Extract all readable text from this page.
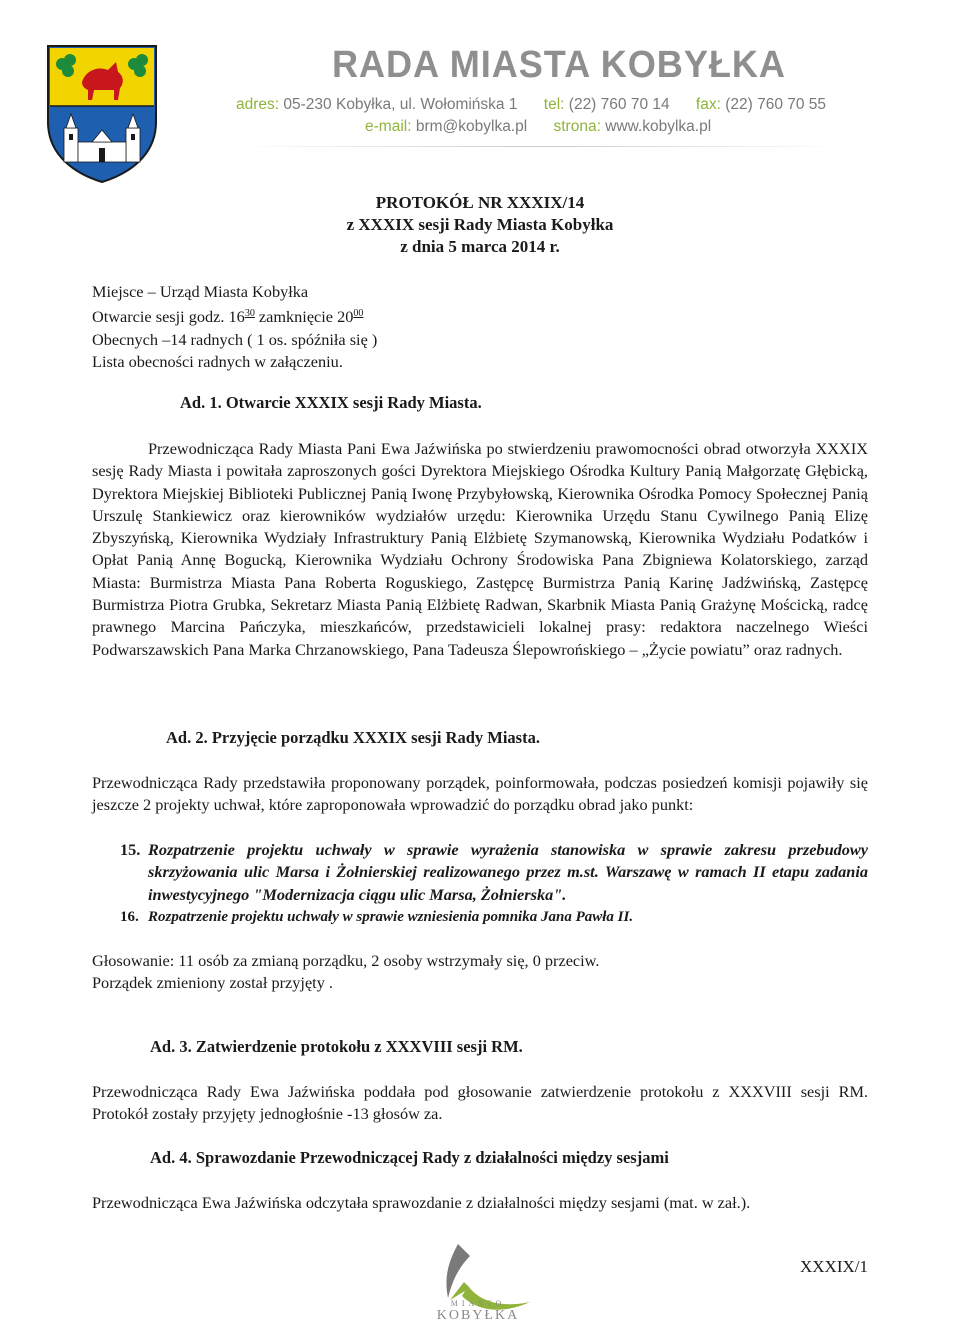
RADA MIASTA KOBYŁKA
adres: 05-230 Kobyłka, ul. Wołomińska 1 tel: (22) 760 70 14 fax: (22) 760 70 55
e-mail: brm@kobylka.pl strona: www.kobylka.pl
PROTOKÓŁ NR XXXIX/14
z XXXIX sesji Rady Miasta Kobyłka
z dnia 5 marca 2014 r.
Miejsce – Urząd Miasta Kobyłka
Otwarcie sesji godz. $16^{30}$ zamknięcie $20^{00}$
Obecnych –14 radnych ( 1 os. spóźniła się )
Lista obecności radnych w załączeniu.
Ad. 1. Otwarcie XXXIX sesji Rady Miasta.
Przewodnicząca Rady Miasta Pani Ewa Jaźwińska po stwierdzeniu prawomocności obrad otworzyła XXXIX sesję Rady Miasta i powitała zaproszonych gości Dyrektora Miejskiego Ośrodka Kultury Panią Małgorzatę Głębicką, Dyrektora Miejskiej Biblioteki Publicznej Panią Iwonę Przybyłowską, Kierownika Ośrodka Pomocy Społecznej Panią Urszulę Stankiewicz oraz kierowników wydziałów urzędu: Kierownika Urzędu Stanu Cywilnego Panią Elizę Zbyszyńską, Kierownika Wydziały Infrastruktury Panią Elżbietę Szymanowską, Kierownika Wydziału Podatków i Opłat Panią Annę Bogucką, Kierownika Wydziału Ochrony Środowiska Pana Zbigniewa Kolatorskiego, zarząd Miasta: Burmistrza Miasta Pana Roberta Roguskiego, Zastępcę Burmistrza Panią Karinę Jadźwińską, Zastępcę Burmistrza Piotra Grubka, Sekretarz Miasta Panią Elżbietę Radwan, Skarbnik Miasta Panią Grażynę Mościcką, radcę prawnego Marcina Pańczyka, mieszkańców, przedstawicieli lokalnej prasy: redaktora naczelnego Wieści Podwarszawskich Pana Marka Chrzanowskiego, Pana Tadeusza Ślepowrońskiego – „Życie powiatu” oraz radnych.
Ad. 2. Przyjęcie porządku XXXIX sesji Rady Miasta.
Przewodnicząca Rady przedstawiła proponowany porządek, poinformowała, podczas posiedzeń komisji pojawiły się jeszcze 2 projekty uchwał, które zaproponowała wprowadzić do porządku obrad jako punkt:
15. Rozpatrzenie projektu uchwały w sprawie wyrażenia stanowiska w sprawie zakresu przebudowy skrzyżowania ulic Marsa i Żołnierskiej realizowanego przez m.st. Warszawę w ramach II etapu zadania inwestycyjnego "Modernizacja ciągu ulic Marsa, Żołnierska".
16. Rozpatrzenie projektu uchwały w sprawie wzniesienia pomnika Jana Pawła II.
Głosowanie: 11 osób za zmianą porządku, 2 osoby wstrzymały się, 0 przeciw.
Porządek zmieniony został przyjęty .
Ad. 3. Zatwierdzenie protokołu z XXXVIII sesji RM.
Przewodnicząca Rady Ewa Jaźwińska poddała pod głosowanie zatwierdzenie protokołu z XXXVIII sesji RM. Protokół zostały przyjęty jednogłośnie -13 głosów za.
Ad. 4. Sprawozdanie Przewodniczącej Rady z działalności między sesjami
Przewodnicząca Ewa Jaźwińska odczytała sprawozdanie z działalności między sesjami (mat. w zał.).
MIASTO
KOBYŁKA
XXXIX/1
